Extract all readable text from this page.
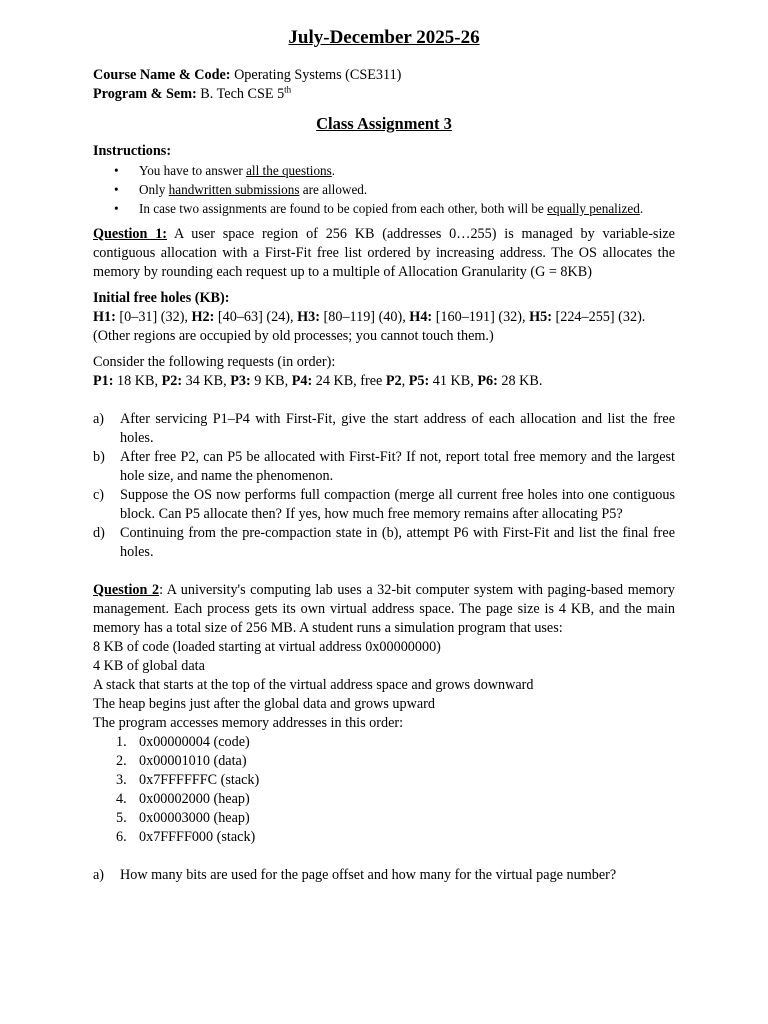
July-December 2025-26

Course Name & Code: Operating Systems (CSE311)

Program & Sem: B. Tech CSE 5th

Class Assignment 3

Instructions:

• You have to answer all the questions.
• Only handwritten submissions are allowed.
• In case two assignments are found to be copied from each other, both will be equally penalized.

Question 1: A user space region of 256 KB (addresses 0…255) is managed by variable-size contiguous allocation with a First-Fit free list ordered by increasing address. The OS allocates the memory by rounding each request up to a multiple of Allocation Granularity (G = 8KB)

Initial free holes (KB):

H1: [0–31] (32), H2: [40–63] (24), H3: [80–119] (40), H4: [160–191] (32), H5: [224–255] (32).

(Other regions are occupied by old processes; you cannot touch them.)

Consider the following requests (in order):

P1: 18 KB, P2: 34 KB, P3: 9 KB, P4: 24 KB, free P2, P5: 41 KB, P6: 28 KB.

a) After servicing P1–P4 with First-Fit, give the start address of each allocation and list the free holes.
b) After free P2, can P5 be allocated with First-Fit? If not, report total free memory and the largest hole size, and name the phenomenon.
c) Suppose the OS now performs full compaction (merge all current free holes into one contiguous block. Can P5 allocate then? If yes, how much free memory remains after allocating P5?
d) Continuing from the pre-compaction state in (b), attempt P6 with First-Fit and list the final free holes.

Question 2: A university's computing lab uses a 32-bit computer system with paging-based memory management. Each process gets its own virtual address space. The page size is 4 KB, and the main memory has a total size of 256 MB. A student runs a simulation program that uses:

8 KB of code (loaded starting at virtual address 0x00000000)

4 KB of global data

A stack that starts at the top of the virtual address space and grows downward

The heap begins just after the global data and grows upward

The program accesses memory addresses in this order:

1. 0x00000004 (code)
2. 0x00001010 (data)
3. 0x7FFFFFFC (stack)
4. 0x00002000 (heap)
5. 0x00003000 (heap)
6. 0x7FFFF000 (stack)
a) How many bits are used for the page offset and how many for the virtual page number?
